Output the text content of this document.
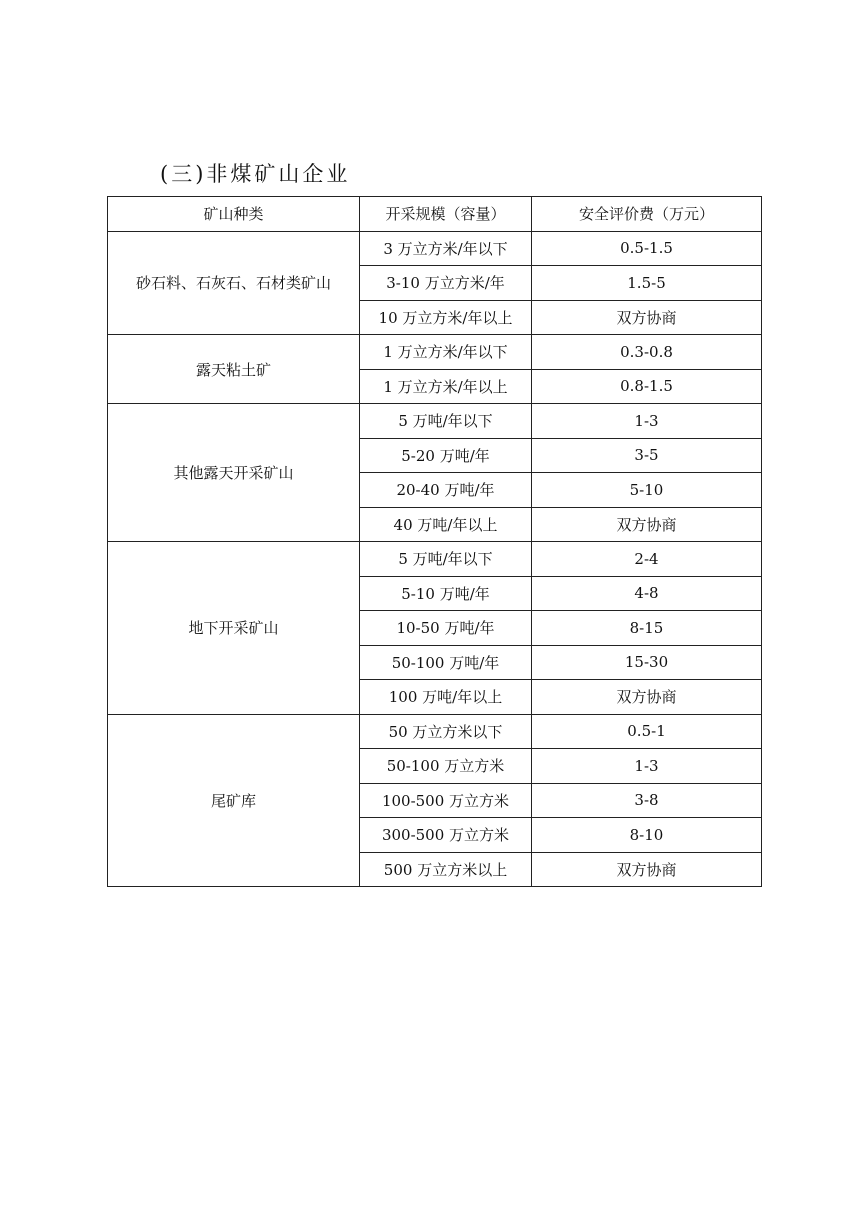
(三)非煤矿山企业
矿山种类	开采规模（容量）	安全评价费（万元）
砂石料、石灰石、石材类矿山	3 万立方米/年以下	0.5-1.5
	3-10 万立方米/年	1.5-5
	10 万立方米/年以上	双方协商
露天粘土矿	1 万立方米/年以下	0.3-0.8
	1 万立方米/年以上	0.8-1.5
其他露天开采矿山	5 万吨/年以下	1-3
	5-20 万吨/年	3-5
	20-40 万吨/年	5-10
	40 万吨/年以上	双方协商
地下开采矿山	5 万吨/年以下	2-4
	5-10 万吨/年	4-8
	10-50 万吨/年	8-15
	50-100 万吨/年	15-30
	100 万吨/年以上	双方协商
尾矿库	50 万立方米以下	0.5-1
	50-100 万立方米	1-3
	100-500 万立方米	3-8
	300-500 万立方米	8-10
	500 万立方米以上	双方协商
